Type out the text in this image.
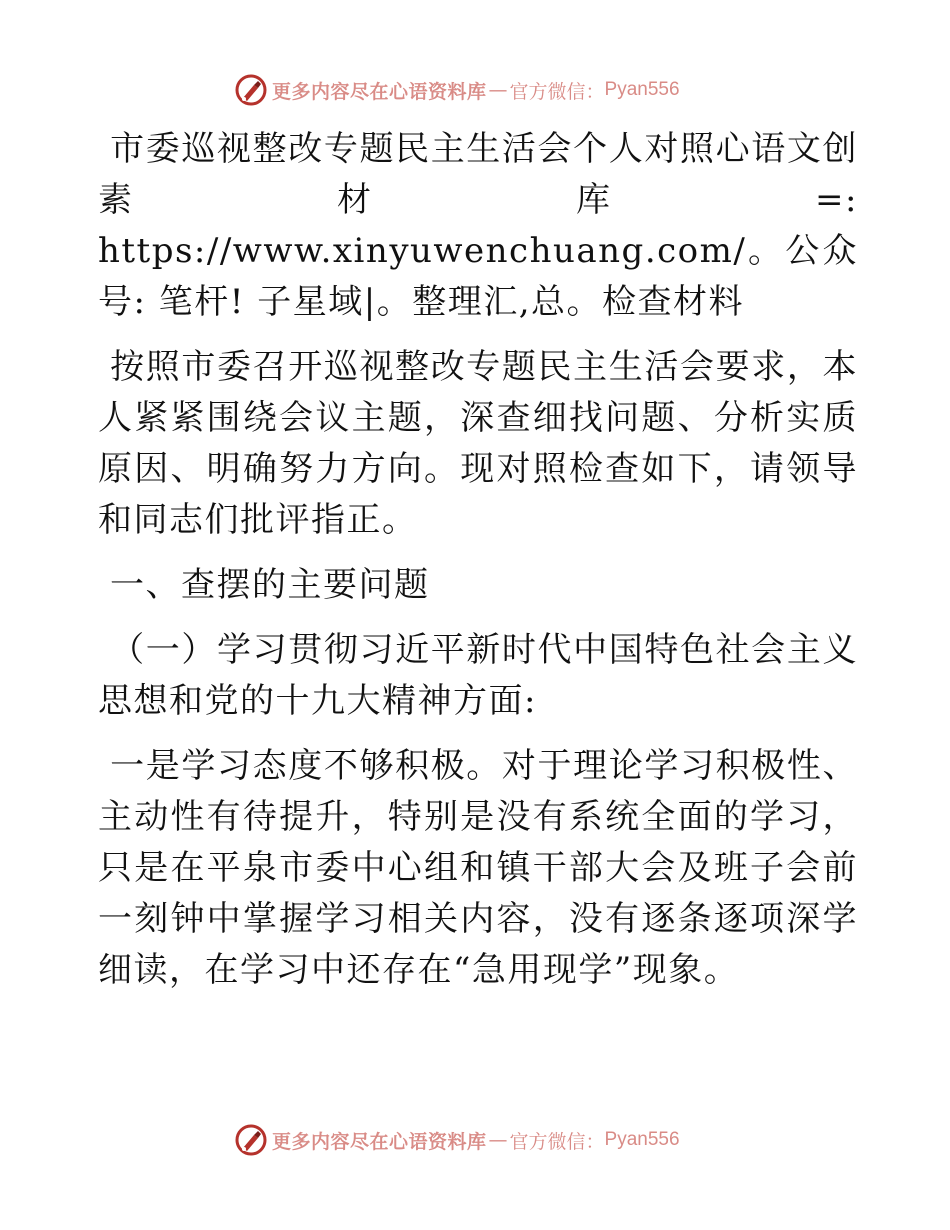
更多内容尽在心语资料库 — 官方微信： Pyan556

市委巡视整改专题民主生活会个人对照心语文创素材库=: https://www.xinyuwenchuang.com/。公众号: 笔杆! 子星域|。整理汇,总。检查材料

按照市委召开巡视整改专题民主生活会要求，本人紧紧围绕会议主题，深查细找问题、分析实质原因、明确努力方向。现对照检查如下，请领导和同志们批评指正。

一、查摆的主要问题

（一）学习贯彻习近平新时代中国特色社会主义思想和党的十九大精神方面:

一是学习态度不够积极。对于理论学习积极性、主动性有待提升，特别是没有系统全面的学习，只是在平泉市委中心组和镇干部大会及班子会前一刻钟中掌握学习相关内容，没有逐条逐项深学细读，在学习中还存在“急用现学”现象。

更多内容尽在心语资料库 — 官方微信： Pyan556
